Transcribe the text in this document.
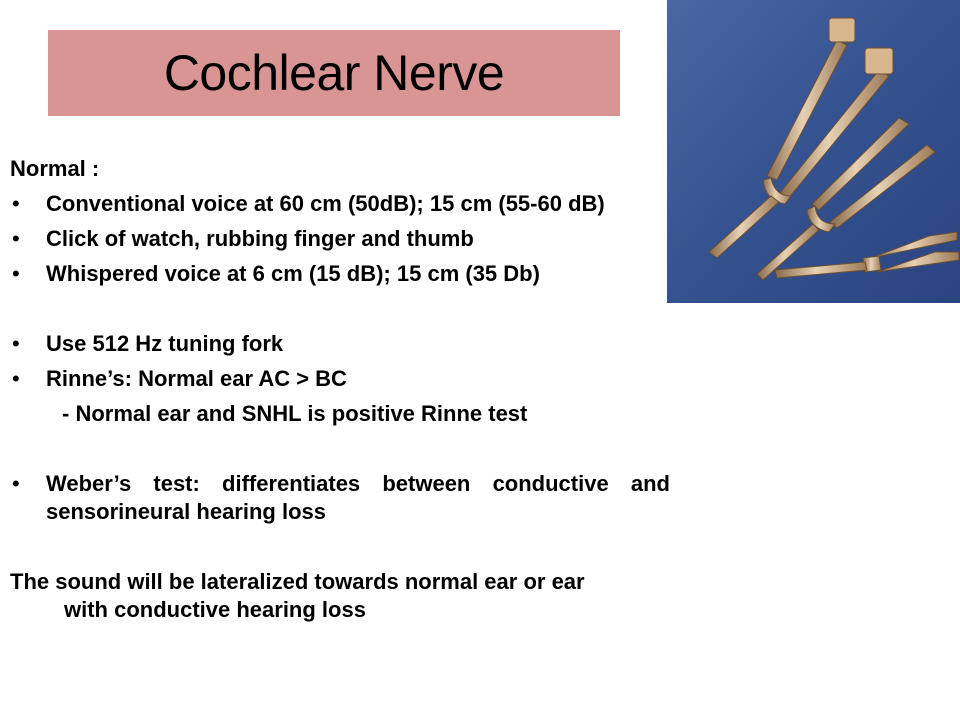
Cochlear Nerve
Normal :
• Conventional voice at 60 cm (50dB); 15 cm (55-60 dB)
• Click of watch, rubbing finger and thumb
• Whispered voice at 6 cm (15 dB); 15 cm (35 Db)
• Use 512 Hz tuning fork
• Rinne’s: Normal ear AC > BC
- Normal ear and SNHL is positive Rinne test
• Weber’s test: differentiates between conductive and sensorineural hearing loss
The sound will be lateralized towards normal ear or ear
with conductive hearing loss
